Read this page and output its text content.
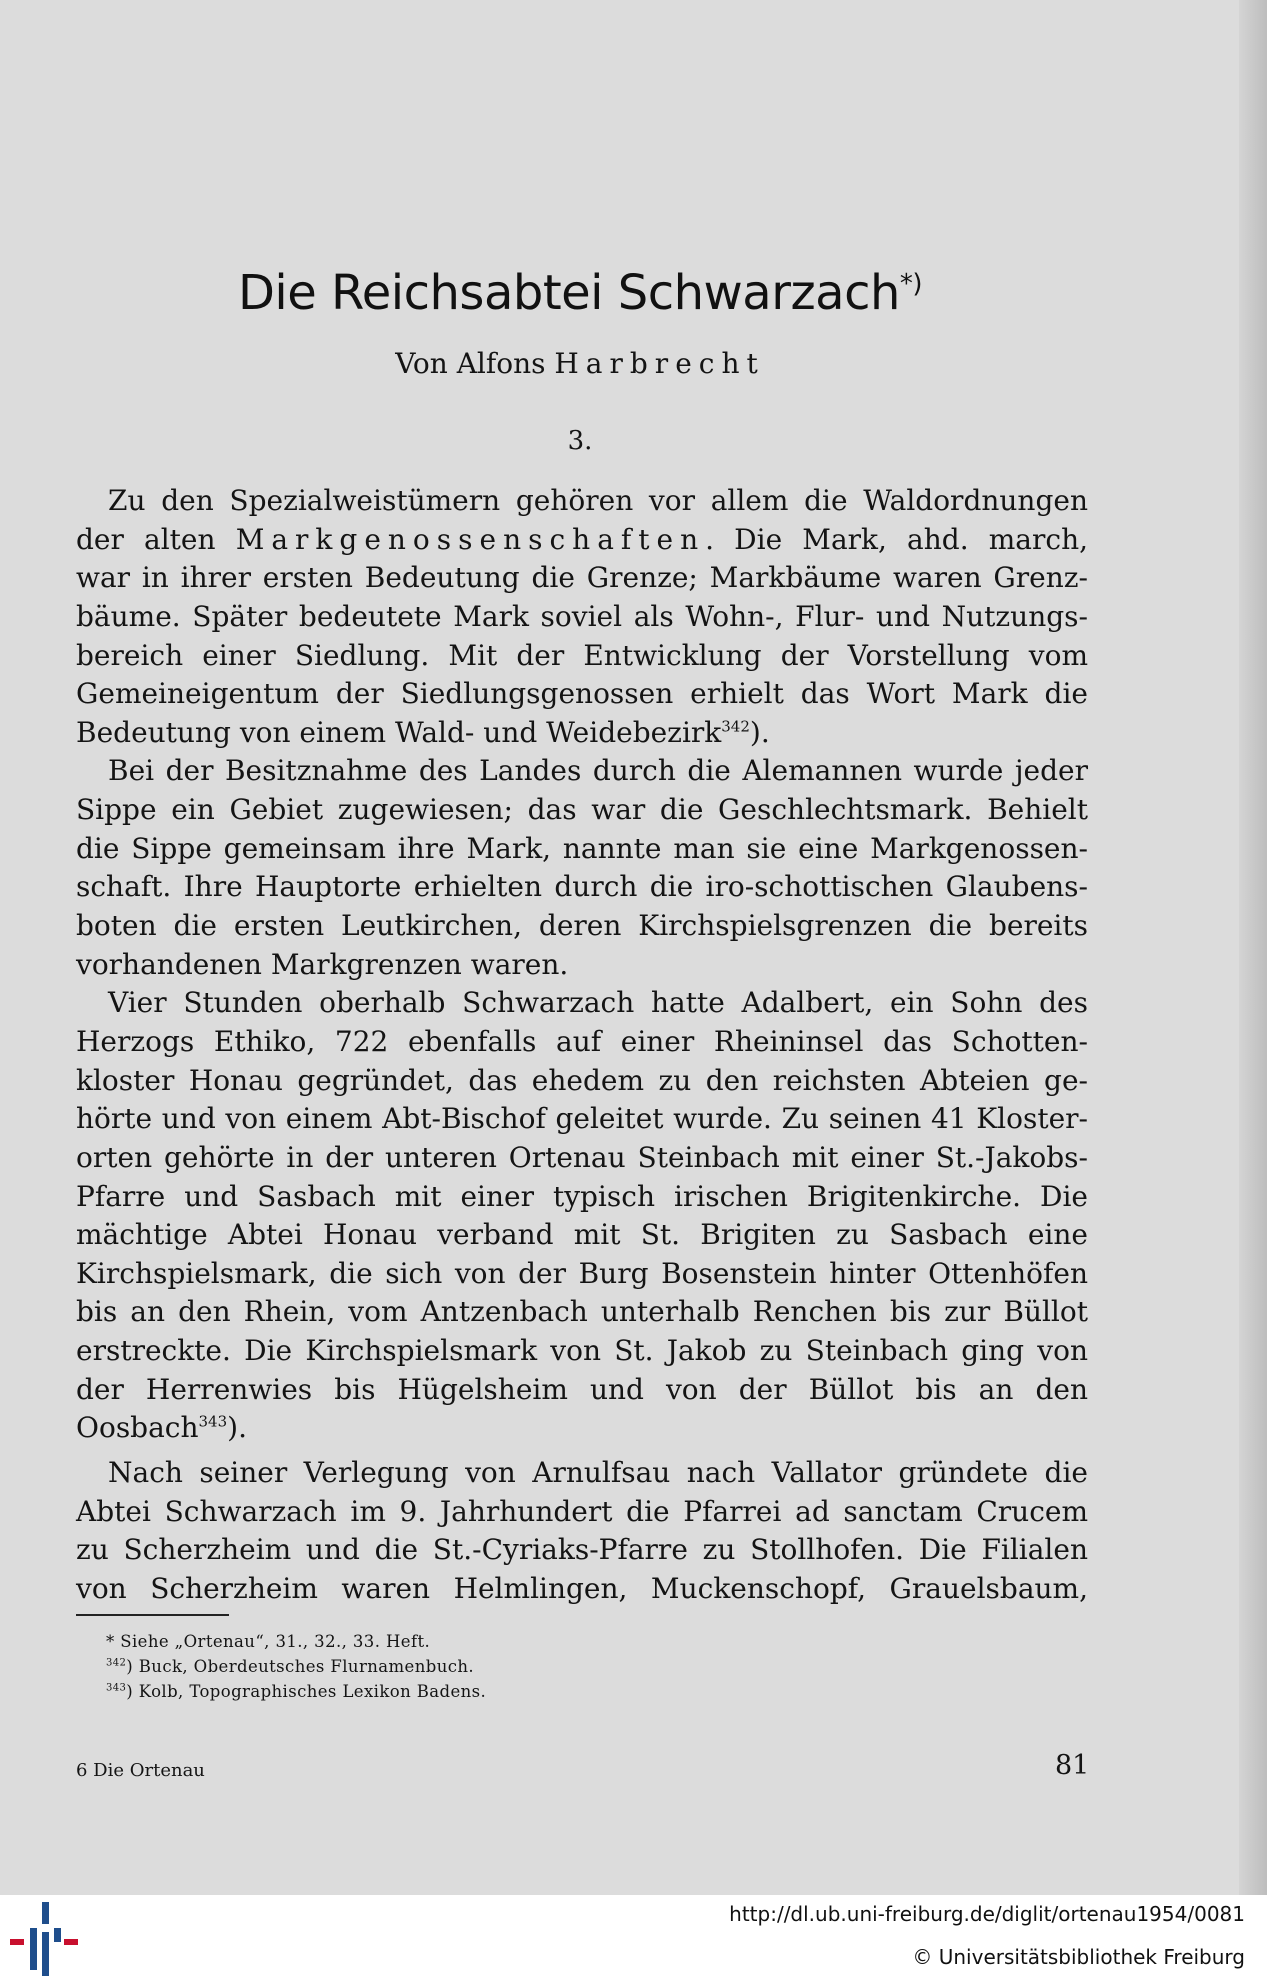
Die Reichsabtei Schwarzach*)
Von Alfons Harbrecht
3.
Zu den Spezialweistümern gehören vor allem die Waldordnungen
der alten Markgenossenschaften. Die Mark, ahd. march,
war in ihrer ersten Bedeutung die Grenze; Markbäume waren Grenz-
bäume. Später bedeutete Mark soviel als Wohn-, Flur- und Nutzungs-
bereich einer Siedlung. Mit der Entwicklung der Vorstellung vom
Gemeineigentum der Siedlungsgenossen erhielt das Wort Mark die
Bedeutung von einem Wald- und Weidebezirk$^{342}$).
Bei der Besitznahme des Landes durch die Alemannen wurde jeder
Sippe ein Gebiet zugewiesen; das war die Geschlechtsmark. Behielt
die Sippe gemeinsam ihre Mark, nannte man sie eine Markgenossen-
schaft. Ihre Hauptorte erhielten durch die iro-schottischen Glaubens-
boten die ersten Leutkirchen, deren Kirchspielsgrenzen die bereits
vorhandenen Markgrenzen waren.
Vier Stunden oberhalb Schwarzach hatte Adalbert, ein Sohn des
Herzogs Ethiko, 722 ebenfalls auf einer Rheininsel das Schotten-
kloster Honau gegründet, das ehedem zu den reichsten Abteien ge-
hörte und von einem Abt-Bischof geleitet wurde. Zu seinen 41 Kloster-
orten gehörte in der unteren Ortenau Steinbach mit einer St.-Jakobs-
Pfarre und Sasbach mit einer typisch irischen Brigitenkirche. Die
mächtige Abtei Honau verband mit St. Brigiten zu Sasbach eine
Kirchspielsmark, die sich von der Burg Bosenstein hinter Ottenhöfen
bis an den Rhein, vom Antzenbach unterhalb Renchen bis zur Büllot
erstreckte. Die Kirchspielsmark von St. Jakob zu Steinbach ging von
der Herrenwies bis Hügelsheim und von der Büllot bis an den
Oosbach$^{343}$).
Nach seiner Verlegung von Arnulfsau nach Vallator gründete die
Abtei Schwarzach im 9. Jahrhundert die Pfarrei ad sanctam Crucem
zu Scherzheim und die St.-Cyriaks-Pfarre zu Stollhofen. Die Filialen
von Scherzheim waren Helmlingen, Muckenschopf, Grauelsbaum,
* Siehe „Ortenau“, 31., 32., 33. Heft.
$^{342}$) Buck, Oberdeutsches Flurnamenbuch.
$^{343}$) Kolb, Topographisches Lexikon Badens.
6 Die Ortenau	81
http://dl.ub.uni-freiburg.de/diglit/ortenau1954/0081
© Universitätsbibliothek Freiburg
